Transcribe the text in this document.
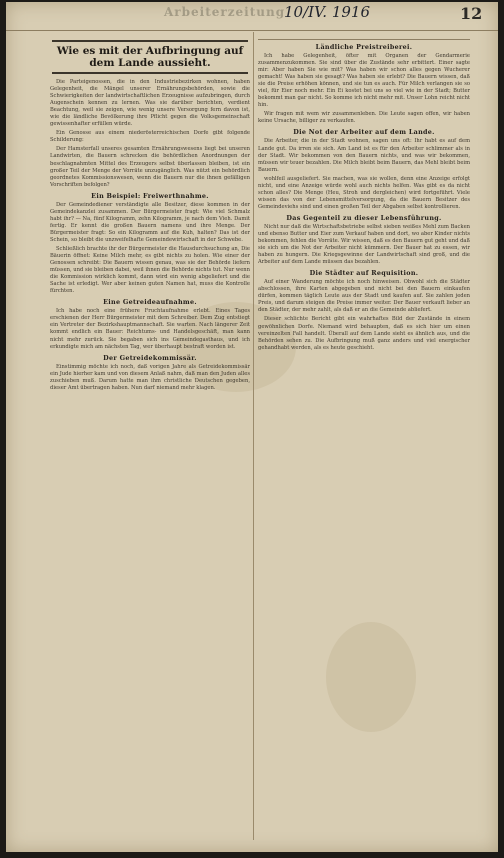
Arbeiterzeitung
10/IV. 1916	12
Wie es mit der Aufbringung auf dem Lande aussieht.
Die Parteigenossen, die in den Industriebezirken wohnen, haben Gelegenheit, die Mängel unserer Ernährungsbehörden, sowie die Schwierigkeiten der landwirtschaftlichen Erzeugnisse aufzubringen, durch Augenschein kennen zu lernen. Was sie darüber berichten, verdient Beachtung, weil sie zeigen, wie wenig unsere Versorgung fern davon ist, wie die ländliche Bevölkerung ihre Pflicht gegen die Volksgemeinschaft gewissenhafter erfüllen würde.
Ein Genosse aus einem niederösterreichischen Dorfe gibt folgende Schilderung:
Der Hamsterfall unseres gesamten Ernährungswesens liegt bei unseren Landwirten, die Bauern schrecken die behördlichen Anordnungen der beschlagnahmten Mittel des Erzeugers selbst überlassen bleiben, ist ein großer Teil der Menge der Vorräte unzugänglich. Was nützt ein behördlich geordnetes Kommissionswesen, wenn die Bauern nur die ihnen gefälligen Vorschriften befolgen?
Ein Beispiel: Freiwerthnahme.
Der Gemeindediener verständigte alle Besitzer, diese kommen in der Gemeindekanzlei zusammen. Der Bürgermeister fragt: Wie viel Schmalz habt ihr? — Na, fünf Kilogramm, zehn Kilogramm, je nach dem Vieh. Damit fertig. Er kennt die großen Bauern namens und ihre Menge. Der Bürgermeister fragt: So ein Kilogramm auf die Kuh, halten? Das ist der Schein, so bleibt die unzweifelhafte Gemeindewirtschaft in der Schwebe.
Schließlich brachte ihr der Bürgermeister die Hausdurchsuchung an, Die Bäuerin öffnet: Keine Milch mehr, es gibt nichts zu holen. Wie einer der Genossen schreibt: Die Bauern wissen genau, was sie der Behörde liefern müssen, und sie bleiben dabei, weil ihnen die Behörde nichts tut. Nur wenn die Kommission wirklich kommt, dann wird ein wenig abgeliefert und die Sache ist erledigt. Wer aber keinen guten Namen hat, muss die Kontrolle fürchten.
Eine Getreideaufnahme.
Ich habe noch eine frühere Fruchtaufnahme erlebt. Eines Tages erschienen der Herr Bürgermeister mit dem Schreiber. Dem Zug entstiegt ein Vertreter der Bezirkshauptmannschaft. Sie warten. Nach längerer Zeit kommt endlich ein Bauer: Reichtums- und Handelsgeschäft, man kann nicht mehr zurück. Sie begaben sich ins Gemeindegasthaus, und ich erkundigte mich am nächsten Tag, wer überhaupt bestraft worden ist.
Der Getreidekommissär.
Einstimmig möchte ich noch, daß vorigen Jahre als Getreidekommissär ein Jude hierher kam und von diesem Anlaß nahm, daß man den Juden alles zuschieben muß. Darum hatte man ihm christliche Deutschen gegeben, dieser Amt übertragen haben. Nun darf niemand mehr klagen.
Ländliche Preistreiberei.
Ich habe Gelegenheit, öfter mit Organen der Gendarmerie zusammenzukommen. Sie sind über die Zustände sehr erbittert. Einer sagte mir: Aber haben Sie wie mit? Was haben wir schon alles gegen Wucherer gemacht! Was haben sie gesagt? Was haben sie erlebt? Die Bauern wissen, daß sie die Preise erhöhen können, und sie tun es auch. Für Milch verlangen sie so viel, für Eier noch mehr. Ein Ei kostet bei uns so viel wie in der Stadt; Butter bekommt man gar nicht. So komme ich nicht mehr mit. Unser Lohn reicht nicht hin.
Wir fragen mit wem wir zusammenleben. Die Leute sagen offen, wir haben keine Ursache, billiger zu verkaufen.
Die Not der Arbeiter auf dem Lande.
Die Arbeiter, die in der Stadt wohnen, sagen uns oft: Ihr habt es auf dem Lande gut. Da irren sie sich. Am Land ist es für den Arbeiter schlimmer als in der Stadt. Wir bekommen von den Bauern nichts, und was wir bekommen, müssen wir teuer bezahlen. Die Milch bleibt beim Bauern, das Mehl bleibt beim Bauern.
wohlfeil ausgeliefert. Sie machen, was sie wollen, denn eine Anzeige erfolgt nicht, und eine Anzeige würde wohl auch nichts helfen. Was gibt es da nicht schon alles? Die Menge (Heu, Stroh und dergleichen) wird fortgeführt. Viele wissen das von der Lebensmittelversorgung, da die Bauern Besitzer des Gemeindeviehs sind und einen großen Teil der Abgaben selbst kontrollieren.
Das Gegenteil zu dieser Lebensführung.
Nicht nur daß die Wirtschaftsbetriebe selbst sieben weißes Mehl zum Backen und ebenso Butter und Eier zum Verkauf haben und dort, wo aber Kinder nichts bekommen, fehlen die Vorräte. Wir wissen, daß es den Bauern gut geht und daß sie sich um die Not der Arbeiter nicht kümmern. Der Bauer hat zu essen, wir haben zu hungern. Die Kriegsgewinne der Landwirtschaft sind groß, und die Arbeiter auf dem Lande müssen das bezahlen.
Die Städter auf Requisition.
Auf einer Wanderung möchte ich noch hinweisen. Obwohl sich die Städter abschlossen, ihre Karten abgegeben und nicht bei den Bauern einkaufen dürfen, kommen täglich Leute aus der Stadt und kaufen auf. Sie zahlen jeden Preis, und darum steigen die Preise immer weiter. Der Bauer verkauft lieber an den Städter, der mehr zahlt, als daß er an die Gemeinde abliefert.
Dieser schlichte Bericht gibt ein wahrhaftes Bild der Zustände in einem gewöhnlichen Dorfe. Niemand wird behaupten, daß es sich hier um einen vereinzelten Fall handelt. Überall auf dem Lande sieht es ähnlich aus, und die Behörden sehen zu. Die Aufbringung muß ganz anders und viel energischer gehandhabt werden, als es heute geschieht.
